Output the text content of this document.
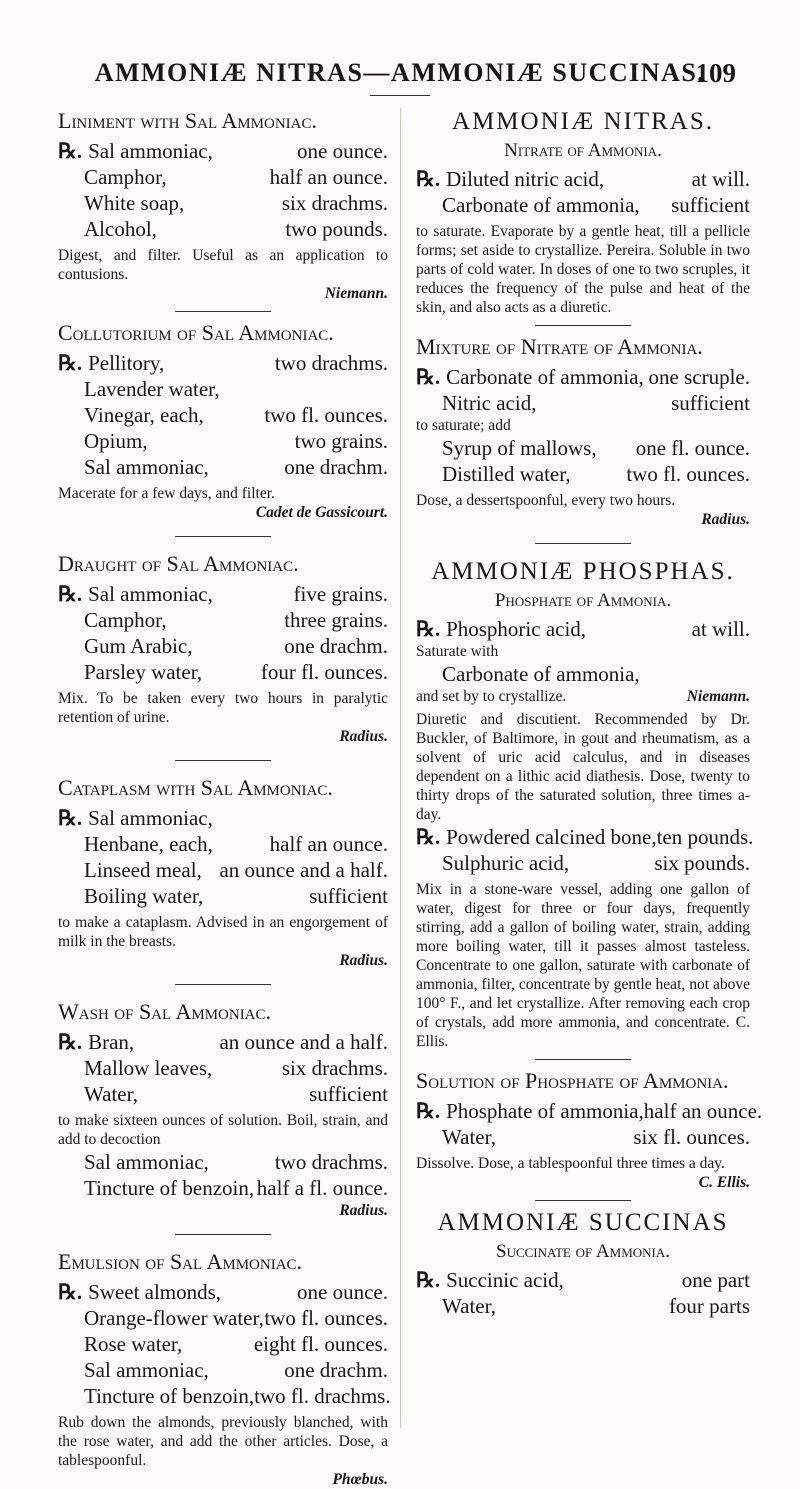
AMMONIÆ NITRAS—AMMONIÆ SUCCINAS.
109
Liniment with Sal Ammoniac.
℞. Sal ammoniac,	one ounce.
Camphor,	half an ounce.
White soap,	six drachms.
Alcohol,	two pounds.

Digest, and filter. Useful as an application to contusions.

Niemann.
Collutorium of Sal Ammoniac.
℞. Pellitory,	two drachms.
Lavender water,
Vinegar, each,	two fl. ounces.
Opium,	two grains.
Sal ammoniac,	one drachm.

Macerate for a few days, and filter.

Cadet de Gassicourt.
Draught of Sal Ammoniac.
℞. Sal ammoniac,	five grains.
Camphor,	three grains.
Gum Arabic,	one drachm.
Parsley water,	four fl. ounces.

Mix. To be taken every two hours in paralytic retention of urine.

Radius.
Cataplasm with Sal Ammoniac.
℞. Sal ammoniac,
Henbane, each,	half an ounce.
Linseed meal, an ounce and a half.
Boiling water,	sufficient

to make a cataplasm. Advised in an engorgement of milk in the breasts.

Radius.
Wash of Sal Ammoniac.
℞. Bran,	an ounce and a half.
Mallow leaves,	six drachms.
Water,	sufficient

to make sixteen ounces of solution. Boil, strain, and add to decoction

Sal ammoniac,	two drachms.
Tincture of benzoin, half a fl. ounce.
Radius.
Emulsion of Sal Ammoniac.
℞. Sweet almonds,	one ounce.
Orange-flower water, two fl. ounces.
Rose water,	eight fl. ounces.
Sal ammoniac,	one drachm.
Tincture of benzoin, two fl. drachms.

Rub down the almonds, previously blanched, with the rose water, and add the other articles. Dose, a tablespoonful.

Phœbus.
AMMONIÆ NITRAS.
Nitrate of Ammonia.
℞. Diluted nitric acid,	at will.
Carbonate of ammonia, sufficient

to saturate. Evaporate by a gentle heat, till a pellicle forms; set aside to crystallize. Pereira. Soluble in two parts of cold water. In doses of one to two scruples, it reduces the frequency of the pulse and heat of the skin, and also acts as a diuretic.

Mixture of Nitrate of Ammonia.
℞. Carbonate of ammonia, one scruple.
Nitric acid,	sufficient

to saturate; add

Syrup of mallows, one fl. ounce.
Distilled water,	two fl. ounces.

Dose, a dessertspoonful, every two hours.

Radius.
AMMONIÆ PHOSPHAS.
Phosphate of Ammonia.
℞. Phosphoric acid,	at will.

Saturate with

Carbonate of ammonia,
and set by to crystallize.	Niemann.

Diuretic and discutient. Recommended by Dr. Buckler, of Baltimore, in gout and rheumatism, as a solvent of uric acid calculus, and in diseases dependent on a lithic acid diathesis. Dose, twenty to thirty drops of the saturated solution, three times a-day.

℞. Powdered calcined bone, ten pounds.
Sulphuric acid,	six pounds.

Mix in a stone-ware vessel, adding one gallon of water, digest for three or four days, frequently stirring, add a gallon of boiling water, strain, adding more boiling water, till it passes almost tasteless. Concentrate to one gallon, saturate with carbonate of ammonia, filter, concentrate by gentle heat, not above 100° F., and let crystallize. After removing each crop of crystals, add more ammonia, and concentrate. C. Ellis.

Solution of Phosphate of Ammonia.
℞. Phosphate of ammonia, half an ounce.
Water,	six fl. ounces.

Dissolve. Dose, a tablespoonful three times a day.

C. Ellis.
AMMONIÆ SUCCINAS
Succinate of Ammonia.
℞. Succinic acid,	one part
Water,	four parts
